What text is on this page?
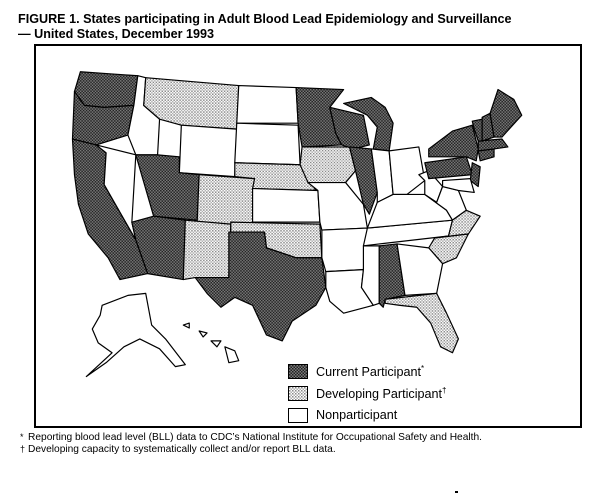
FIGURE 1. States participating in Adult Blood Lead Epidemiology and Surveillance
— United States, December 1993
Current Participant*
Developing Participant†
Nonparticipant
* Reporting blood lead level (BLL) data to CDC’s National Institute for Occupational Safety and Health.
† Developing capacity to systematically collect and/or report BLL data.
